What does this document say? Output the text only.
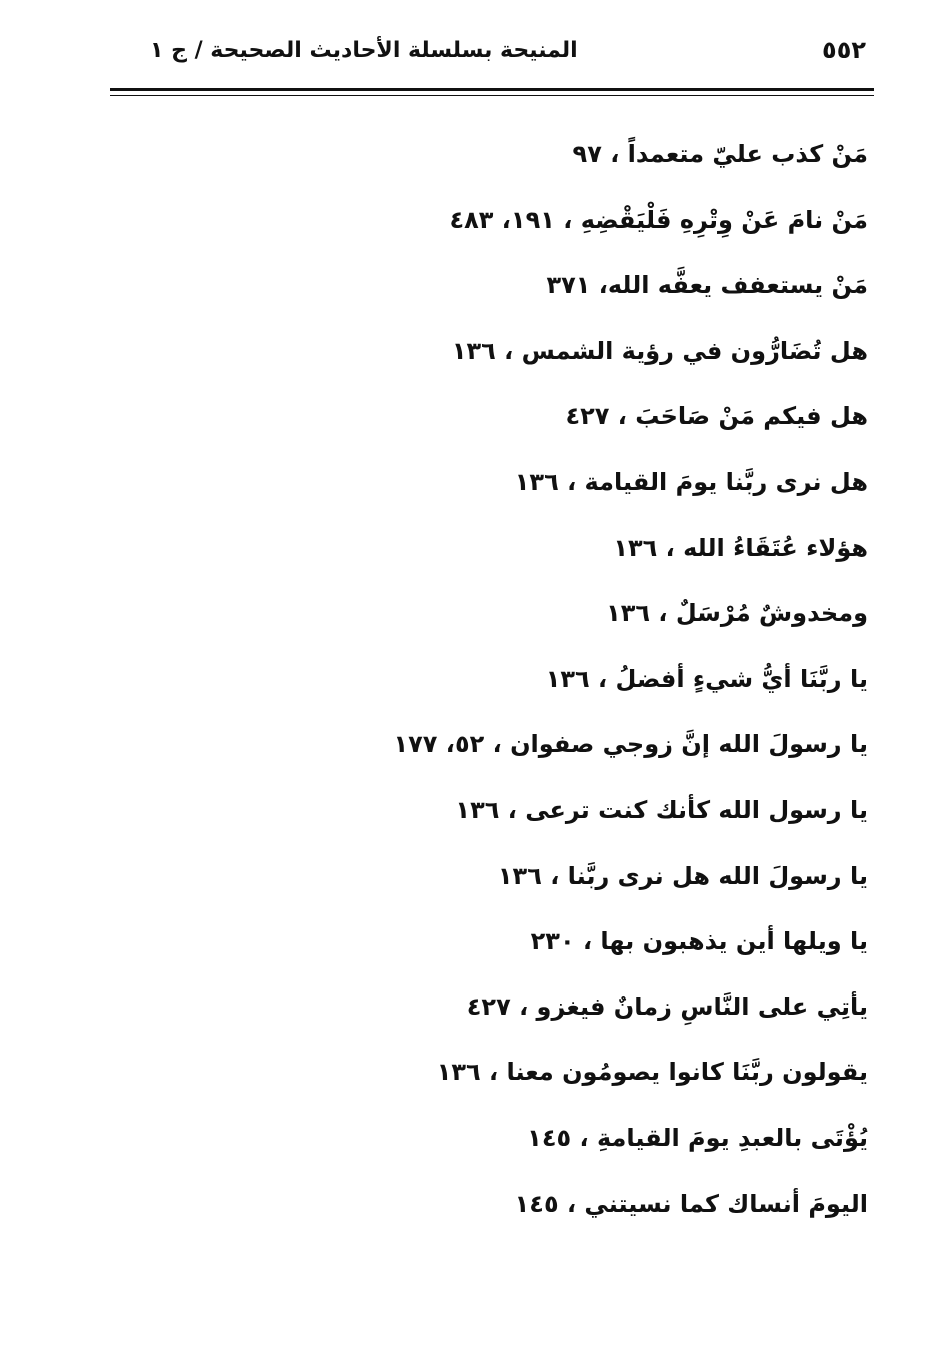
٥٥٢
المنيحة بسلسلة الأحاديث الصحيحة / ج ١
مَنْ كذب عليّ متعمداً ، ٩٧
مَنْ نامَ عَنْ وِتْرِهِ فَلْيَقْضِهِ ، ١٩١، ٤٨٣
مَنْ يستعفف يعفَّه الله، ٣٧١
هل تُضَارُّون في رؤية الشمس ، ١٣٦
هل فيكم مَنْ صَاحَبَ ، ٤٢٧
هل نرى ربَّنا يومَ القيامة ، ١٣٦
هؤلاء عُتَقَاءُ الله ، ١٣٦
ومخدوشٌ مُرْسَلٌ ، ١٣٦
يا ربَّنَا أيُّ شيءٍ أفضلُ ، ١٣٦
يا رسولَ الله إنَّ زوجي صفوان ، ٥٢، ١٧٧
يا رسول الله كأنك كنت ترعى ، ١٣٦
يا رسولَ الله هل نرى ربَّنا ، ١٣٦
يا ويلها أين يذهبون بها ، ٢٣٠
يأتِي على النَّاسِ زمانٌ فيغزو ، ٤٢٧
يقولون ربَّنَا كانوا يصومُون معنا ، ١٣٦
يُؤْتَى بالعبدِ يومَ القيامةِ ، ١٤٥
اليومَ أنساك كما نسيتني ، ١٤٥
